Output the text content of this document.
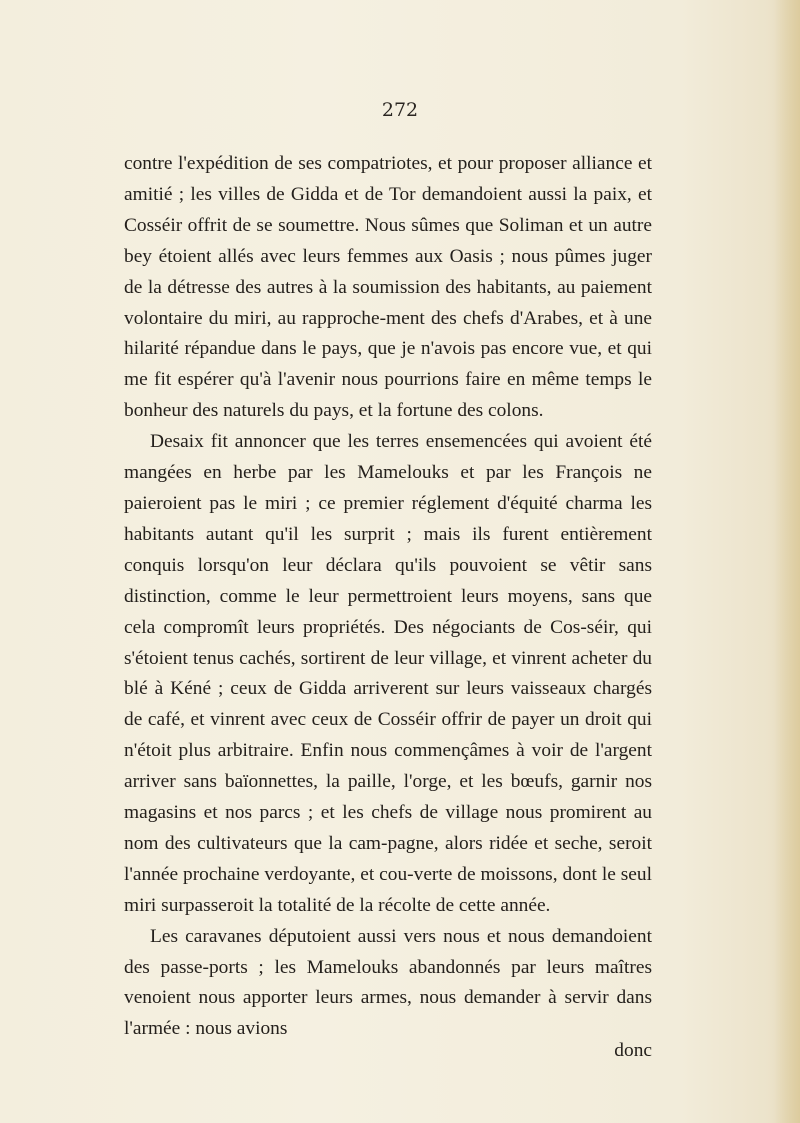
272

contre l'expédition de ses compatriotes, et pour proposer alliance et amitié ; les villes de Gidda et de Tor demandoient aussi la paix, et Cosséir offrit de se soumettre. Nous sûmes que Soliman et un autre bey étoient allés avec leurs femmes aux Oasis ; nous pûmes juger de la détresse des autres à la soumission des habitants, au paiement volontaire du miri, au rapproche-ment des chefs d'Arabes, et à une hilarité répandue dans le pays, que je n'avois pas encore vue, et qui me fit espérer qu'à l'avenir nous pourrions faire en même temps le bonheur des naturels du pays, et la fortune des colons.

Desaix fit annoncer que les terres ensemencées qui avoient été mangées en herbe par les Mamelouks et par les François ne paieroient pas le miri ; ce premier réglement d'équité charma les habitants autant qu'il les surprit ; mais ils furent entièrement conquis lorsqu'on leur déclara qu'ils pouvoient se vêtir sans distinction, comme le leur permettroient leurs moyens, sans que cela compromît leurs propriétés. Des négociants de Cos-séir, qui s'étoient tenus cachés, sortirent de leur village, et vinrent acheter du blé à Kéné ; ceux de Gidda arriverent sur leurs vaisseaux chargés de café, et vinrent avec ceux de Cosséir offrir de payer un droit qui n'étoit plus arbitraire. Enfin nous commençâmes à voir de l'argent arriver sans baïonnettes, la paille, l'orge, et les bœufs, garnir nos magasins et nos parcs ; et les chefs de village nous promirent au nom des cultivateurs que la cam-pagne, alors ridée et seche, seroit l'année prochaine verdoyante, et cou-verte de moissons, dont le seul miri surpasseroit la totalité de la récolte de cette année.

Les caravanes députoient aussi vers nous et nous demandoient des passe-ports ; les Mamelouks abandonnés par leurs maîtres venoient nous apporter leurs armes, nous demander à servir dans l'armée : nous avions

donc
